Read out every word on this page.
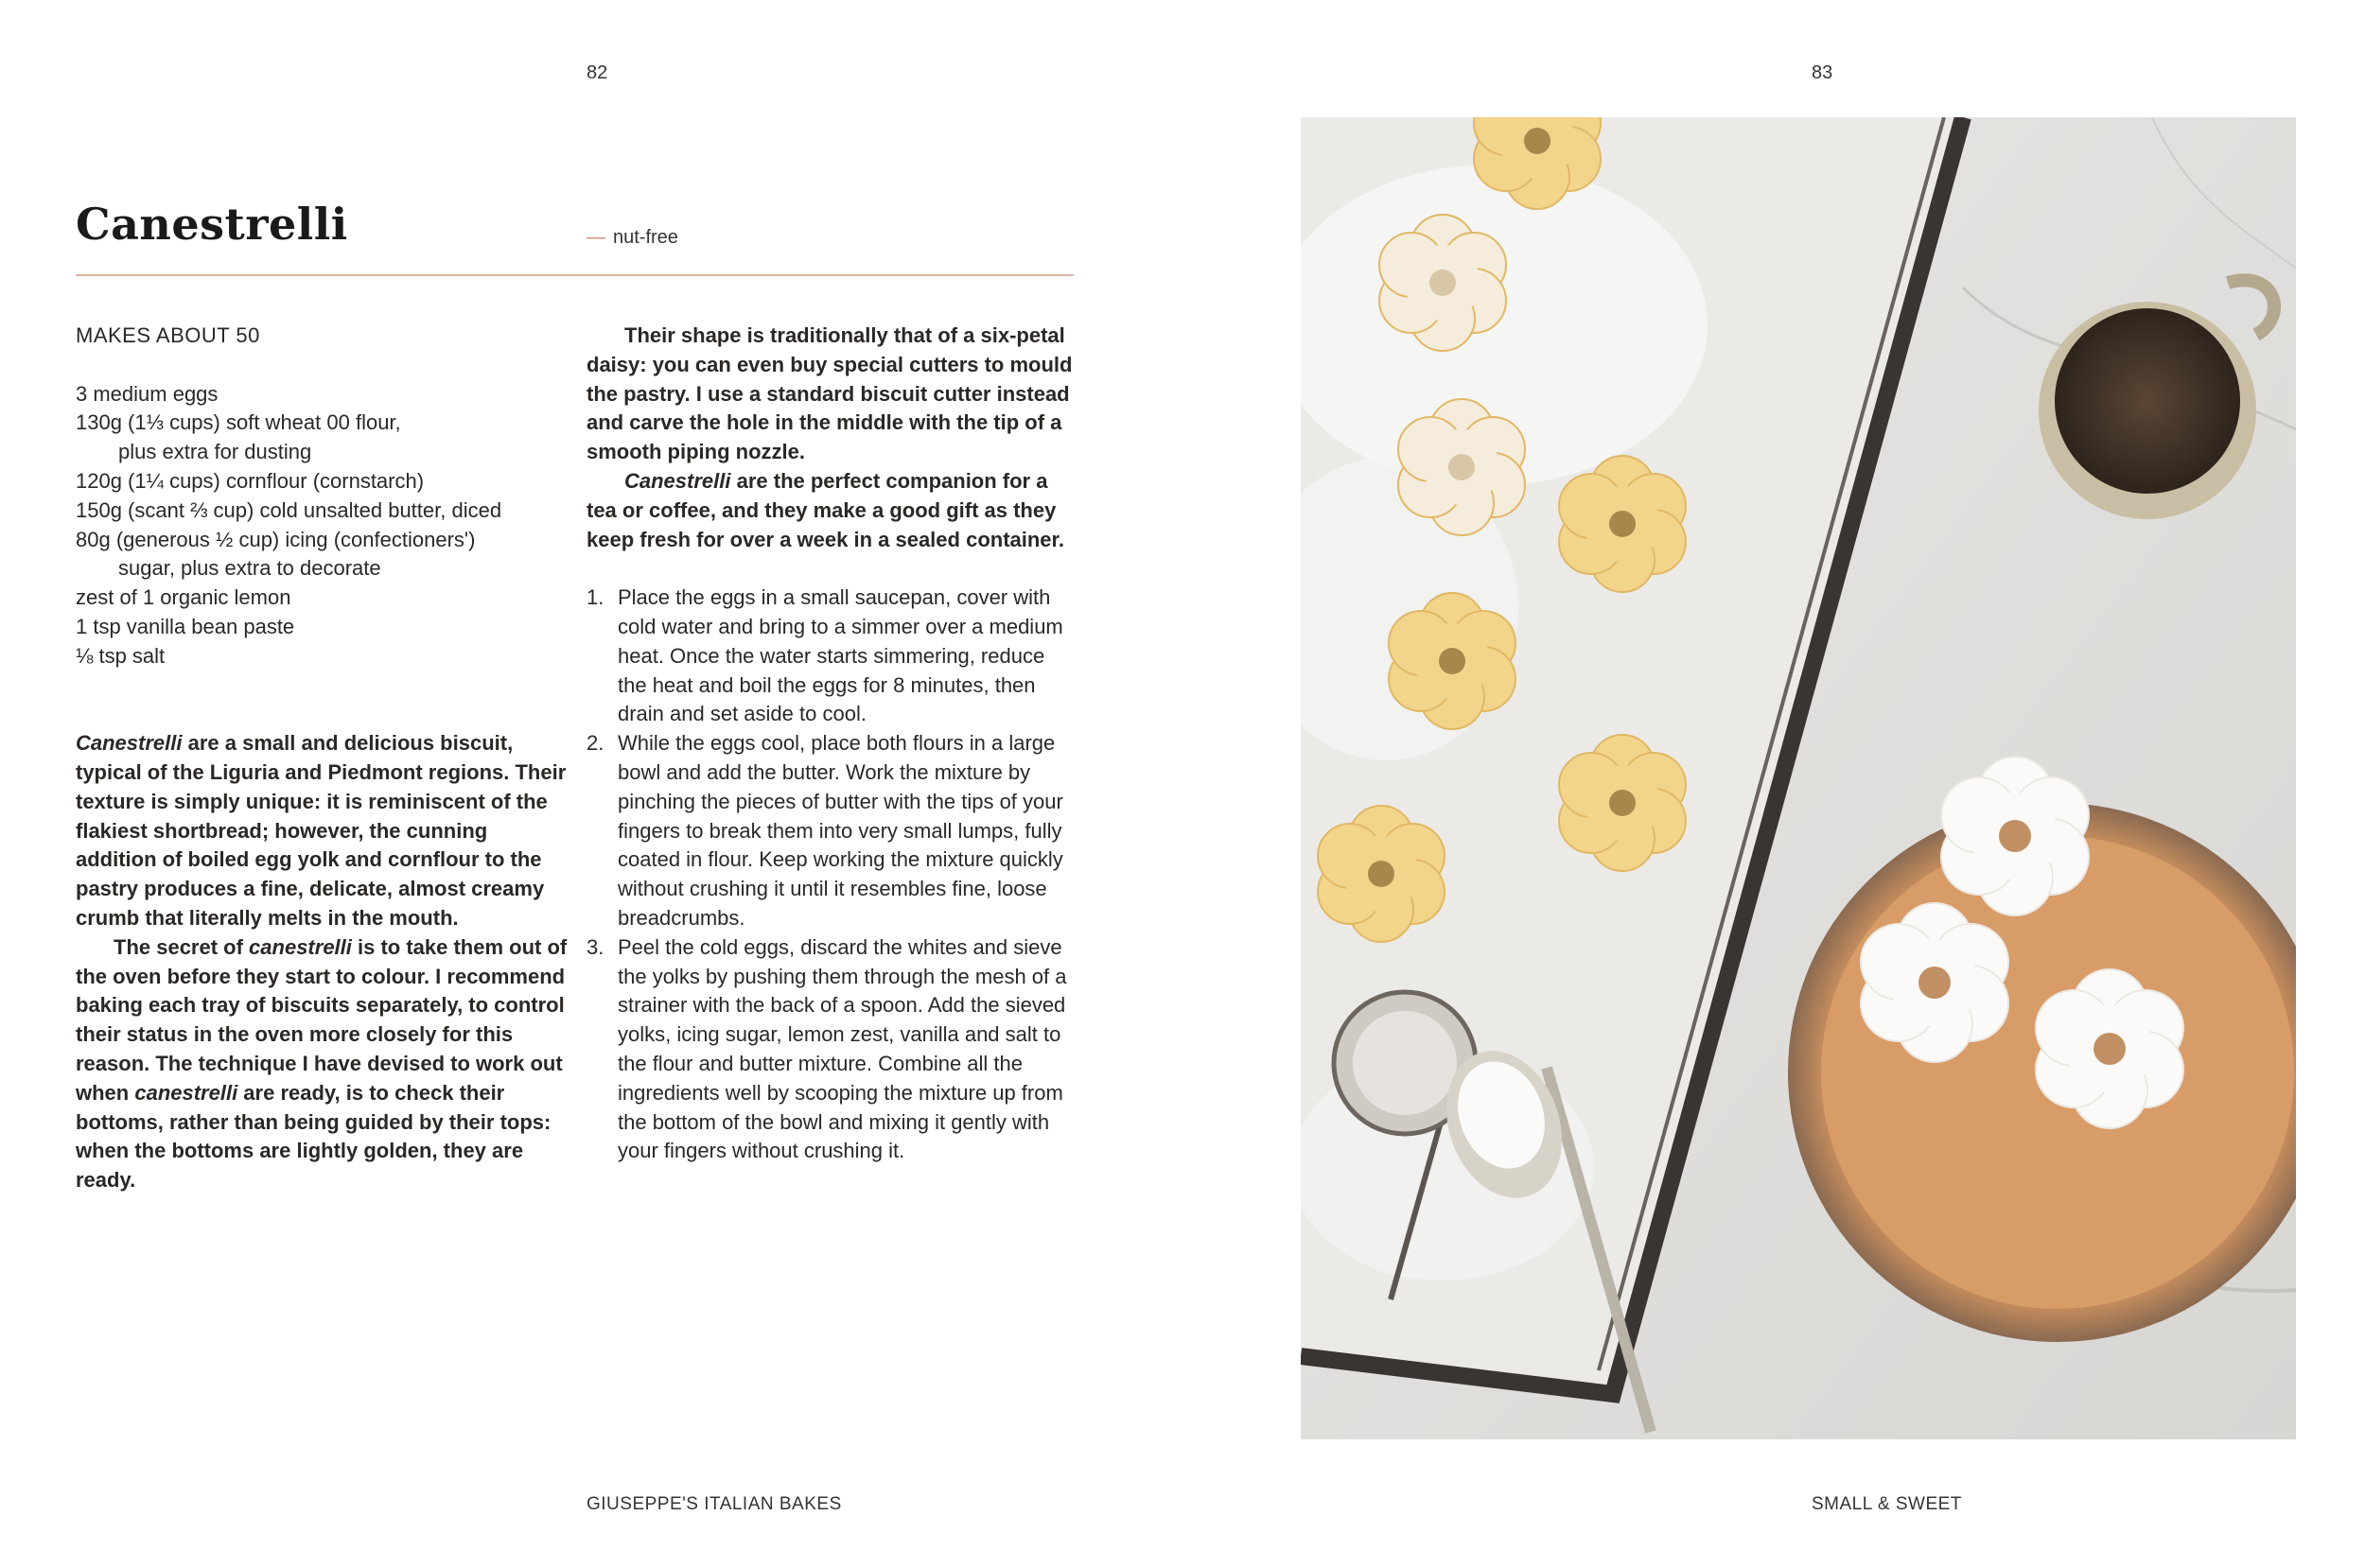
82
Canestrelli	— nut-free
MAKES ABOUT 50
3 medium eggs
130g (1⅓ cups) soft wheat 00 flour,
plus extra for dusting
120g (1¼ cups) cornflour (cornstarch)
150g (scant ⅔ cup) cold unsalted butter, diced
80g (generous ½ cup) icing (confectioners')
sugar, plus extra to decorate
zest of 1 organic lemon
1 tsp vanilla bean paste
⅛ tsp salt

Canestrelli are a small and delicious biscuit, typical of the Liguria and Piedmont regions. Their texture is simply unique: it is reminiscent of the flakiest shortbread; however, the cunning addition of boiled egg yolk and cornflour to the pastry produces a fine, delicate, almost creamy crumb that literally melts in the mouth.

The secret of canestrelli is to take them out of the oven before they start to colour. I recommend baking each tray of biscuits separately, to control their status in the oven more closely for this reason. The technique I have devised to work out when canestrelli are ready, is to check their bottoms, rather than being guided by their tops: when the bottoms are lightly golden, they are ready.

Their shape is traditionally that of a six-petal daisy: you can even buy special cutters to mould the pastry. I use a standard biscuit cutter instead and carve the hole in the middle with the tip of a smooth piping nozzle.

Canestrelli are the perfect companion for a tea or coffee, and they make a good gift as they keep fresh for over a week in a sealed container.

1. Place the eggs in a small saucepan, cover with cold water and bring to a simmer over a medium heat. Once the water starts simmering, reduce the heat and boil the eggs for 8 minutes, then drain and set aside to cool.
2. While the eggs cool, place both flours in a large bowl and add the butter. Work the mixture by pinching the pieces of butter with the tips of your fingers to break them into very small lumps, fully coated in flour. Keep working the mixture quickly without crushing it until it resembles fine, loose breadcrumbs.
3. Peel the cold eggs, discard the whites and sieve the yolks by pushing them through the mesh of a strainer with the back of a spoon. Add the sieved yolks, icing sugar, lemon zest, vanilla and salt to the flour and butter mixture. Combine all the ingredients well by scooping the mixture up from the bottom of the bowl and mixing it gently with your fingers without crushing it.
GIUSEPPE'S ITALIAN BAKES
83
SMALL & SWEET
